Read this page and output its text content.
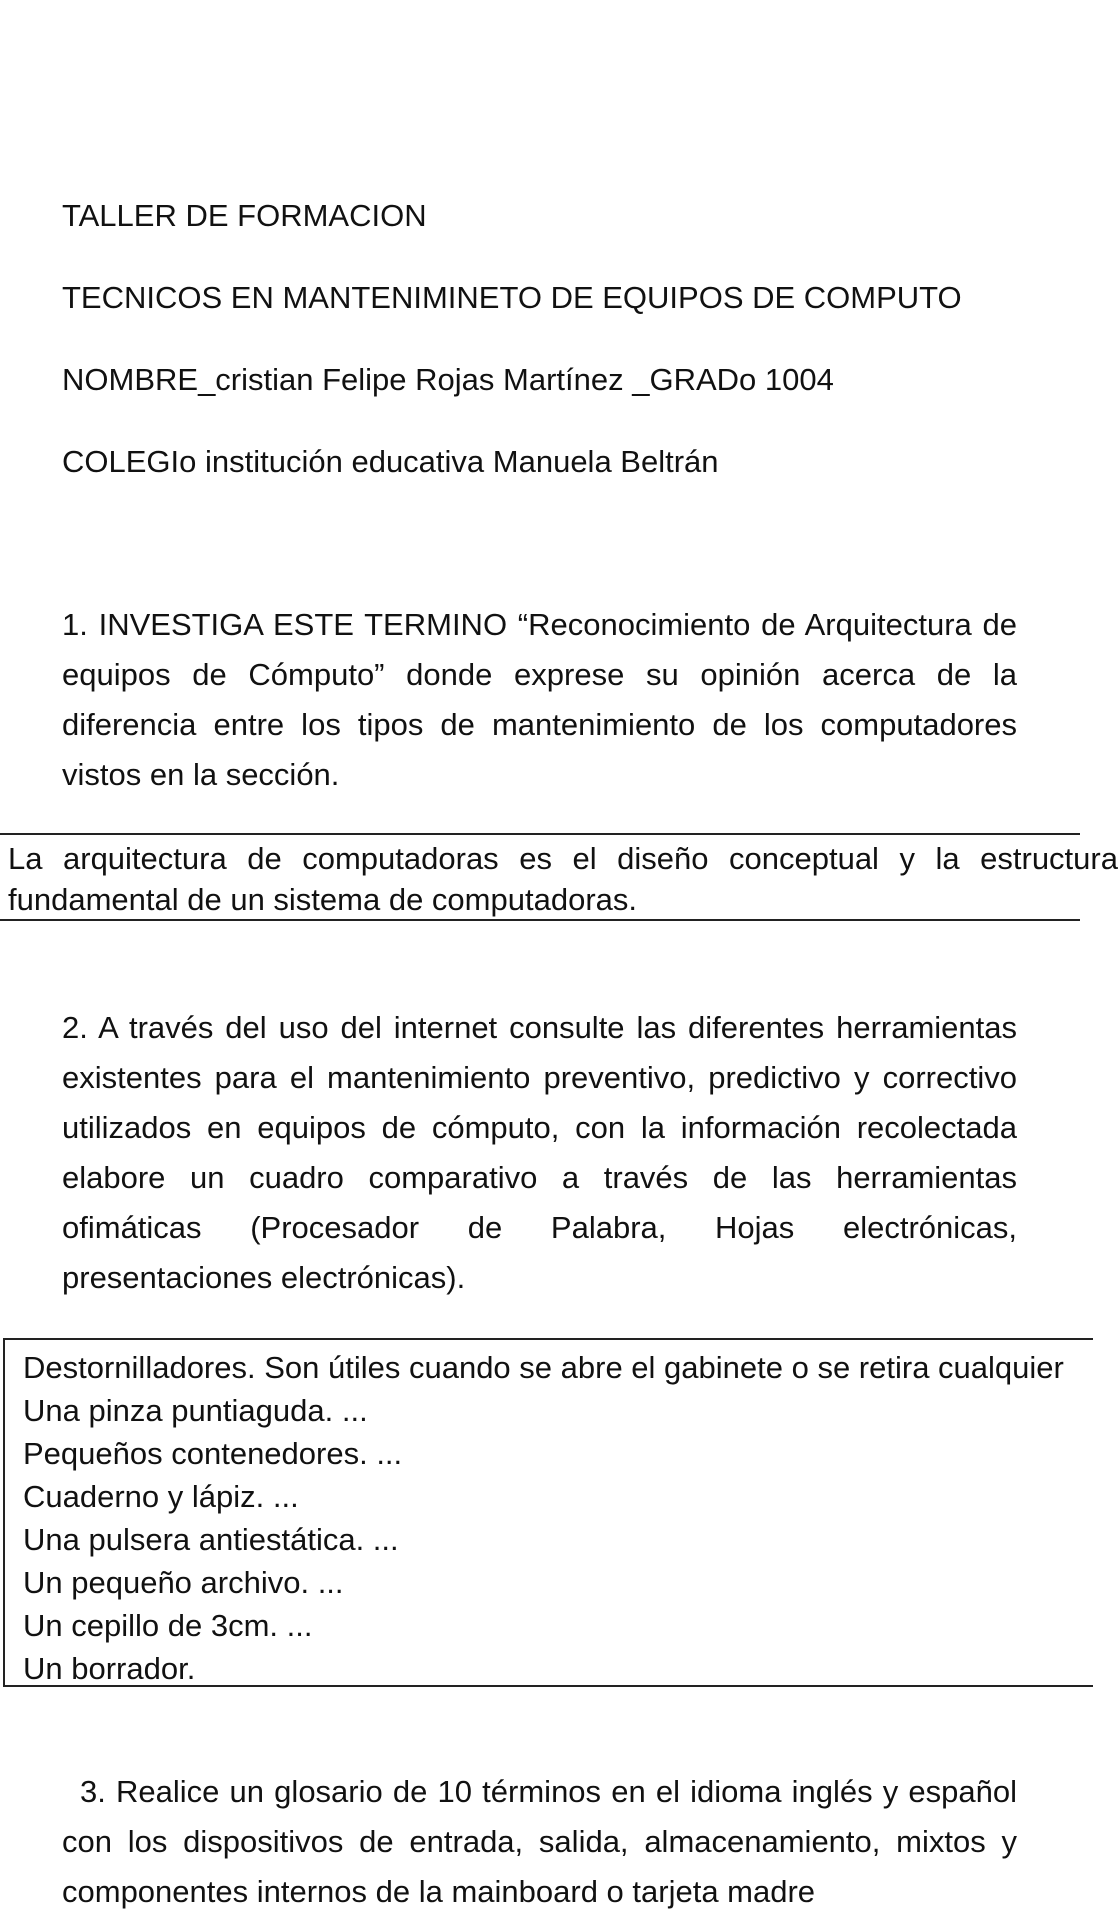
TALLER DE FORMACION
TECNICOS EN MANTENIMINETO DE EQUIPOS DE COMPUTO
NOMBRE_cristian Felipe Rojas Martínez _GRADo 1004
COLEGIo institución educativa Manuela Beltrán
1. INVESTIGA ESTE TERMINO “Reconocimiento de Arquitectura de equipos de Cómputo” donde exprese su opinión acerca de la diferencia entre los tipos de mantenimiento de los computadores vistos en la sección.
La arquitectura de computadoras es el diseño conceptual y la estructura
fundamental de un sistema de computadoras.
2. A través del uso del internet consulte las diferentes herramientas existentes para el mantenimiento preventivo, predictivo y correctivo utilizados en equipos de cómputo, con la información recolectada elabore un cuadro comparativo a través de las herramientas ofimáticas (Procesador de Palabra, Hojas electrónicas, presentaciones electrónicas).
Destornilladores. Son útiles cuando se abre el gabinete o se retira cualquier
Una pinza puntiaguda. ...
Pequeños contenedores. ...
Cuaderno y lápiz. ...
Una pulsera antiestática. ...
Un pequeño archivo. ...
Un cepillo de 3cm. ...
Un borrador.
3. Realice un glosario de 10 términos en el idioma inglés y español con los dispositivos de entrada, salida, almacenamiento, mixtos y componentes internos de la mainboard o tarjeta madre
